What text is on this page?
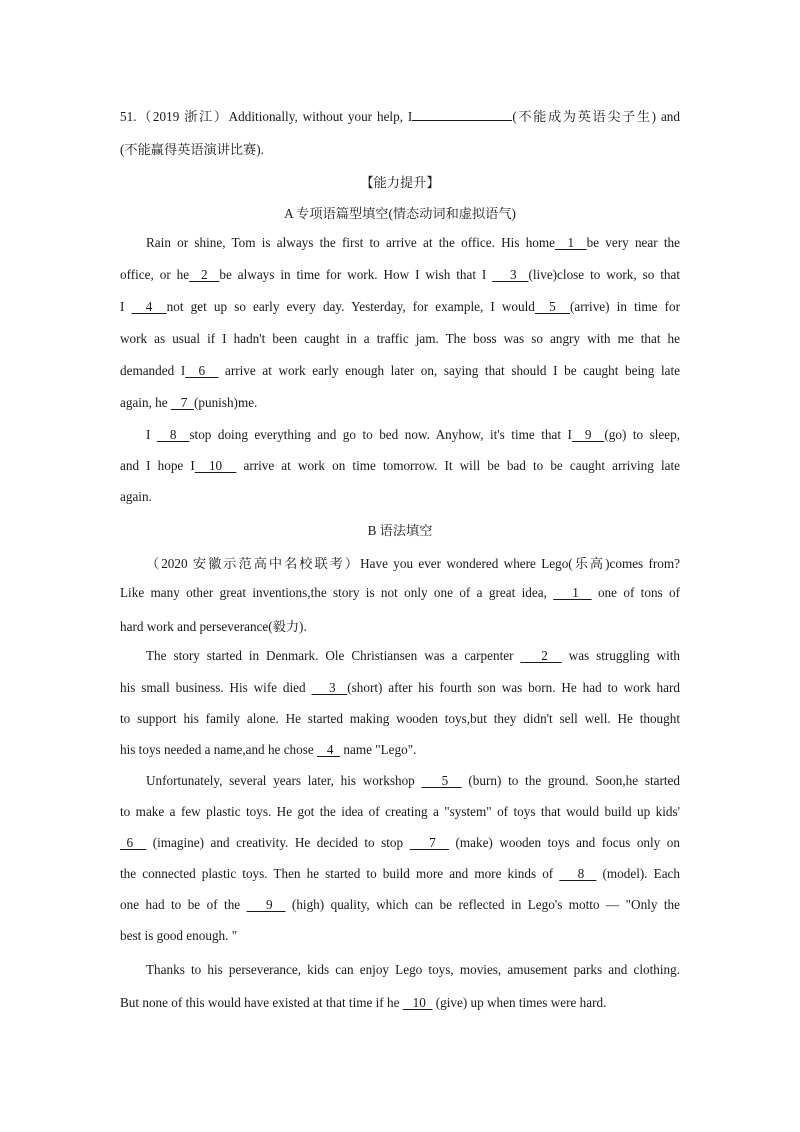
51.（2019 浙江）Additionally, without your help, I	(不能成为英语尖子生) and
(不能赢得英语演讲比赛).
【能力提升】
A 专项语篇型填空(情态动词和虚拟语气)
Rain or shine, Tom is always the first to arrive at the office. His home  1  be very near the
office, or he  2  be always in time for work. How I wish that I    3  (live)close to work, so that
I   4  not get up so early every day. Yesterday, for example, I would  5  (arrive) in time for
work as usual if I hadn't been caught in a traffic jam. The boss was so angry with me that he
demanded I  6   arrive at work early enough later on, saying that should I be caught being late
again, he    7  (punish)me.
I   8  stop doing everything and go to bed now. Anyhow, it's time that I  9  (go) to sleep,
and I hope I  10   arrive at work on time tomorrow. It will be bad to be caught arriving late
again.
B 语法填空
（2020 安徽示范高中名校联考）Have you ever wondered where Lego(乐高)comes from?
Like many other great inventions,the story is not only one of a great idea,    1   one of tons of
hard work and perseverance(毅力).
The story started in Denmark. Ole Christiansen was a carpenter    2   was struggling with
his small business. His wife died    3  (short) after his fourth son was born. He had to work hard
to support his family alone. He started making wooden toys,but they didn't sell well. He thought
his toys needed a name,and he chose    4   name "Lego".
Unfortunately, several years later, his workshop    5   (burn) to the ground. Soon,he started
to make a few plastic toys. He got the idea of creating a "system" of toys that would build up kids'
6   (imagine) and creativity. He decided to stop    7   (make) wooden toys and focus only on
the connected plastic toys. Then he started to build more and more kinds of    8   (model). Each
one had to be of the    9   (high) quality, which can be reflected in Lego's motto — "Only the
best is good enough. "
Thanks to his perseverance, kids can enjoy Lego toys, movies, amusement parks and clothing.
But none of this would have existed at that time if he    10   (give) up when times were hard.
